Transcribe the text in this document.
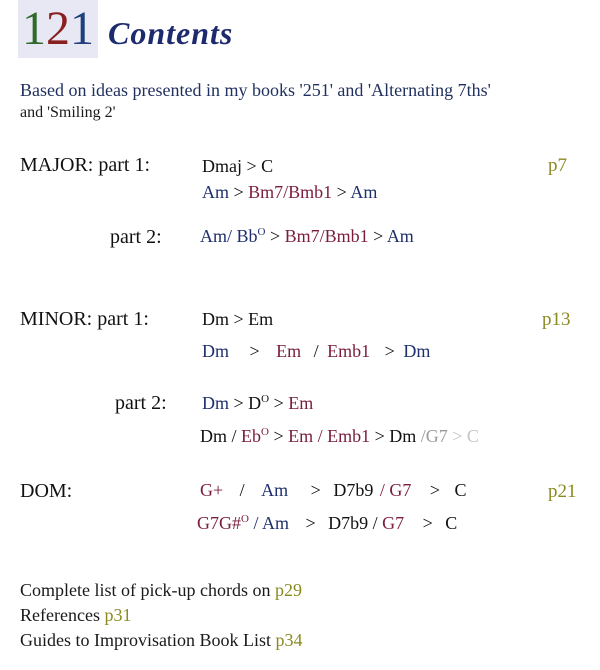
121 Contents
Based on ideas presented in my books '251' and 'Alternating 7ths'
and 'Smiling 2'
MAJOR: part 1:	Dmaj > C	p7
Am > Bm7/Bmb1 > Am
part 2: Am/ $Bb^O > Bm7/Bmb1 > Am$
MINOR: part 1:	Dm > Em	p13
Dm > Em / Emb1 > Dm
part 2: $Dm > D^O > Em$
$Dm / Eb^O > Em / Emb1 > Dm$ /G7 > C
DOM:	G+ / Am > D7b9 / G7 > C	p21
G7G#$^O$ / Am > D7b9 / G7 > C
Complete list of pick-up chords on p29
References p31
Guides to Improvisation Book List p34
